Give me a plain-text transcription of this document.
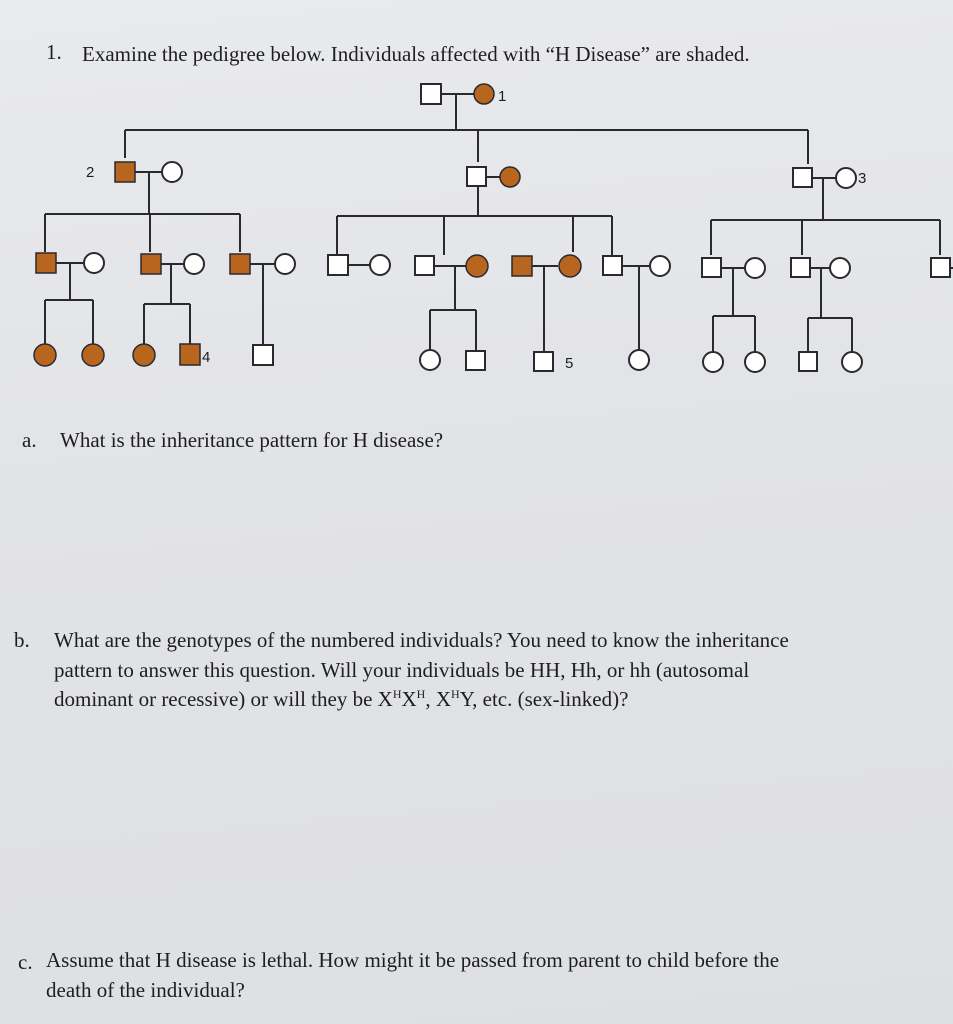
1. Examine the pedigree below. Individuals affected with “H Disease” are shaded.
1
2	3
4	5
a. What is the inheritance pattern for H disease?
b. What are the genotypes of the numbered individuals? You need to know the inheritance
pattern to answer this question. Will your individuals be HH, Hh, or hh (autosomal
dominant or recessive) or will they be $X^HX^H$, $X^HY$, etc. (sex-linked)?
c. Assume that H disease is lethal. How might it be passed from parent to child before the
death of the individual?
